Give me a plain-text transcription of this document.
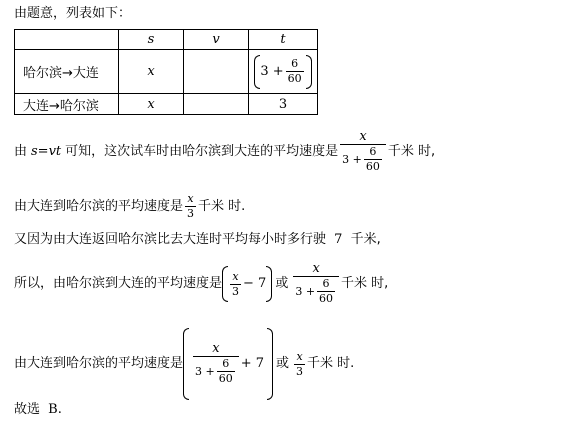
由题意，列表如下：
	s	v	t
哈尔滨→大连	x		$3 + \frac{6}{60}$

大连→哈尔滨	x		3
由 s=vt 可知，这次试车时由哈尔滨到大连的平均速度是 $\frac{x}{3 + \frac{6}{60}}$ 千米 时,
由大连到哈尔滨的平均速度是 $\frac{x}{3}$ 千米 时.
又因为由大连返回哈尔滨比去大连时平均每小时多行驶 7 千米,
所以，由哈尔滨到大连的平均速度是 $\frac{x}{3} - 7$ 或 $\frac{x}{3 + \frac{6}{60}}$ 千米 时,
由大连到哈尔滨的平均速度是 $\frac{x}{3 + \frac{6}{60}} + 7$ 或 $\frac{x}{3}$ 千米 时.
故选 B.
